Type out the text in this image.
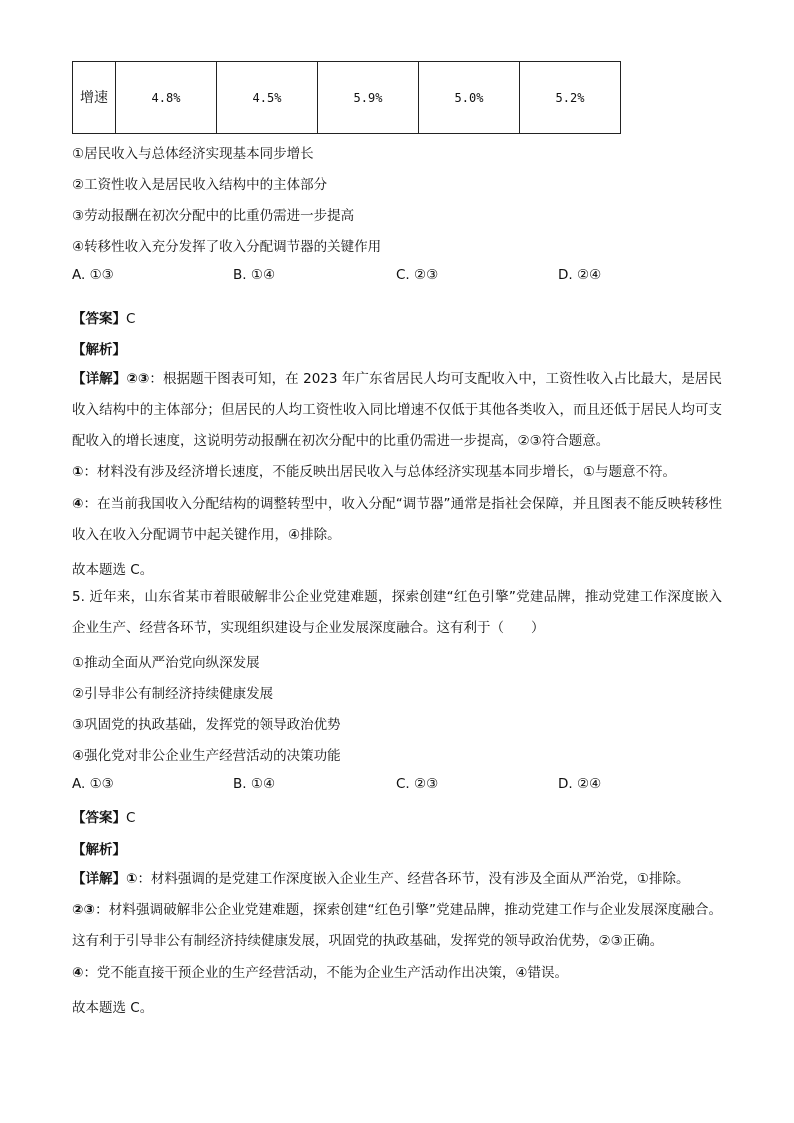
增速	4.8%	4.5%	5.9%	5.0%	5.2%
①居民收入与总体经济实现基本同步增长
②工资性收入是居民收入结构中的主体部分
③劳动报酬在初次分配中的比重仍需进一步提高
④转移性收入充分发挥了收入分配调节器的关键作用
A. ①③	B. ①④	C. ②③	D. ②④
【答案】C
【解析】
【详解】②③：根据题干图表可知，在 2023 年广东省居民人均可支配收入中，工资性收入占比最大，是居民收入结构中的主体部分；但居民的人均工资性收入同比增速不仅低于其他各类收入，而且还低于居民人均可支配收入的增长速度，这说明劳动报酬在初次分配中的比重仍需进一步提高，②③符合题意。
①：材料没有涉及经济增长速度，不能反映出居民收入与总体经济实现基本同步增长，①与题意不符。
④：在当前我国收入分配结构的调整转型中，收入分配“调节器”通常是指社会保障，并且图表不能反映转移性收入在收入分配调节中起关键作用，④排除。
故本题选 C。
5. 近年来，山东省某市着眼破解非公企业党建难题，探索创建“红色引擎”党建品牌，推动党建工作深度嵌入企业生产、经营各环节，实现组织建设与企业发展深度融合。这有利于（　　）
①推动全面从严治党向纵深发展
②引导非公有制经济持续健康发展
③巩固党的执政基础，发挥党的领导政治优势
④强化党对非公企业生产经营活动的决策功能
A. ①③	B. ①④	C. ②③	D. ②④
【答案】C
【解析】
【详解】①：材料强调的是党建工作深度嵌入企业生产、经营各环节，没有涉及全面从严治党，①排除。
②③：材料强调破解非公企业党建难题，探索创建“红色引擎”党建品牌，推动党建工作与企业发展深度融合。这有利于引导非公有制经济持续健康发展，巩固党的执政基础，发挥党的领导政治优势，②③正确。
④：党不能直接干预企业的生产经营活动，不能为企业生产活动作出决策，④错误。
故本题选 C。
